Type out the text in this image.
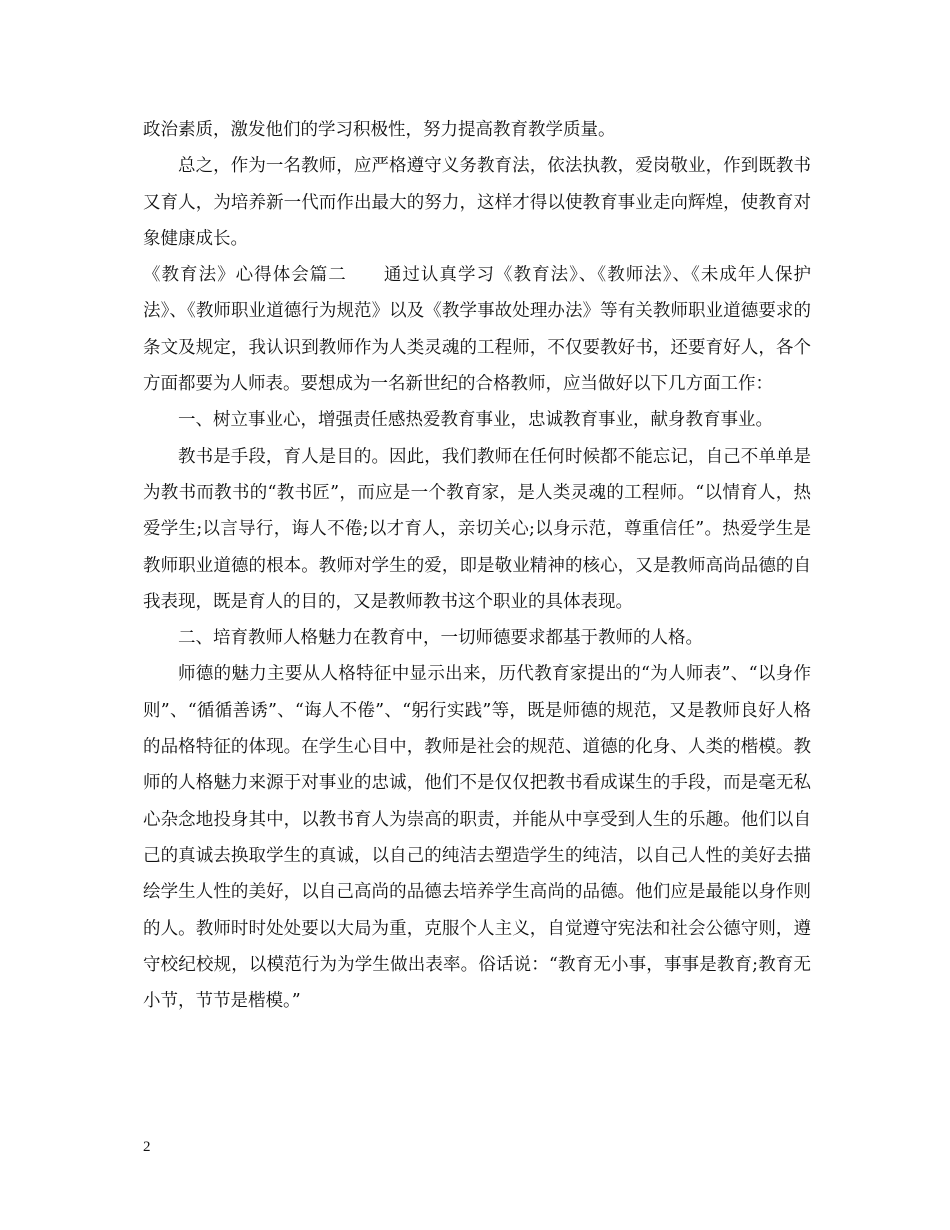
政治素质，激发他们的学习积极性，努力提高教育教学质量。

总之，作为一名教师，应严格遵守义务教育法，依法执教，爱岗敬业，作到既教书又育人，为培养新一代而作出最大的努力，这样才得以使教育事业走向辉煌，使教育对象健康成长。

《教育法》心得体会篇二　　通过认真学习《教育法》、《教师法》、《未成年人保护法》、《教师职业道德行为规范》以及《教学事故处理办法》等有关教师职业道德要求的条文及规定，我认识到教师作为人类灵魂的工程师，不仅要教好书，还要育好人，各个方面都要为人师表。要想成为一名新世纪的合格教师，应当做好以下几方面工作：

一、树立事业心，增强责任感热爱教育事业，忠诚教育事业，献身教育事业。

教书是手段，育人是目的。因此，我们教师在任何时候都不能忘记，自己不单单是为教书而教书的“教书匠”，而应是一个教育家，是人类灵魂的工程师。“以情育人，热爱学生;以言导行，诲人不倦;以才育人，亲切关心;以身示范，尊重信任”。热爱学生是教师职业道德的根本。教师对学生的爱，即是敬业精神的核心，又是教师高尚品德的自我表现，既是育人的目的，又是教师教书这个职业的具体表现。

二、培育教师人格魅力在教育中，一切师德要求都基于教师的人格。

师德的魅力主要从人格特征中显示出来，历代教育家提出的“为人师表”、“以身作则”、“循循善诱”、“诲人不倦”、“躬行实践”等，既是师德的规范，又是教师良好人格的品格特征的体现。在学生心目中，教师是社会的规范、道德的化身、人类的楷模。教师的人格魅力来源于对事业的忠诚，他们不是仅仅把教书看成谋生的手段，而是毫无私心杂念地投身其中，以教书育人为崇高的职责，并能从中享受到人生的乐趣。他们以自己的真诚去换取学生的真诚，以自己的纯洁去塑造学生的纯洁，以自己人性的美好去描绘学生人性的美好，以自己高尚的品德去培养学生高尚的品德。他们应是最能以身作则的人。教师时时处处要以大局为重，克服个人主义，自觉遵守宪法和社会公德守则，遵守校纪校规，以模范行为为学生做出表率。俗话说：“教育无小事，事事是教育;教育无小节，节节是楷模。”

2
